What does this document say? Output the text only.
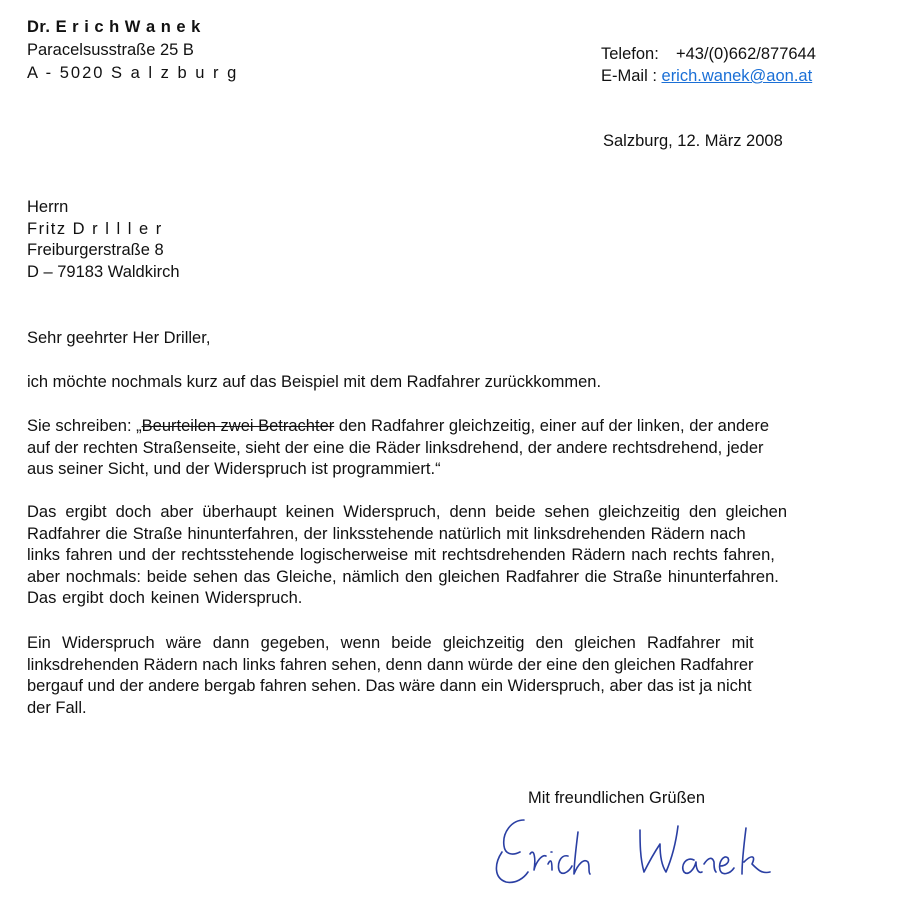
Dr. E r i c h W a n e k
Paracelsusstraße 25 B
A - 5020 S a l z b u r g
Telefon: +43/(0)662/877644
E-Mail : erich.wanek@aon.at
Salzburg, 12. März 2008
Herrn
Fritz D r l l l e r
Freiburgerstraße 8
D – 79183 Waldkirch
Sehr geehrter Her Driller,
ich möchte nochmals kurz auf das Beispiel mit dem Radfahrer zurückkommen.
Sie schreiben: „Beurteilen zwei Betrachter den Radfahrer gleichzeitig, einer auf der linken, der andere
auf der rechten Straßenseite, sieht der eine die Räder linksdrehend, der andere rechtsdrehend, jeder
aus seiner Sicht, und der Widerspruch ist programmiert.“
Das ergibt doch aber überhaupt keinen Widerspruch, denn beide sehen gleichzeitig den gleichen
Radfahrer die Straße hinunterfahren, der linksstehende natürlich mit linksdrehenden Rädern nach
links fahren und der rechtsstehende logischerweise mit rechtsdrehenden Rädern nach rechts fahren,
aber nochmals: beide sehen das Gleiche, nämlich den gleichen Radfahrer die Straße hinunterfahren.
Das ergibt doch keinen Widerspruch.
Ein Widerspruch wäre dann gegeben, wenn beide gleichzeitig den gleichen Radfahrer mit
linksdrehenden Rädern nach links fahren sehen, denn dann würde der eine den gleichen Radfahrer
bergauf und der andere bergab fahren sehen. Das wäre dann ein Widerspruch, aber das ist ja nicht
der Fall.
Mit freundlichen Grüßen
